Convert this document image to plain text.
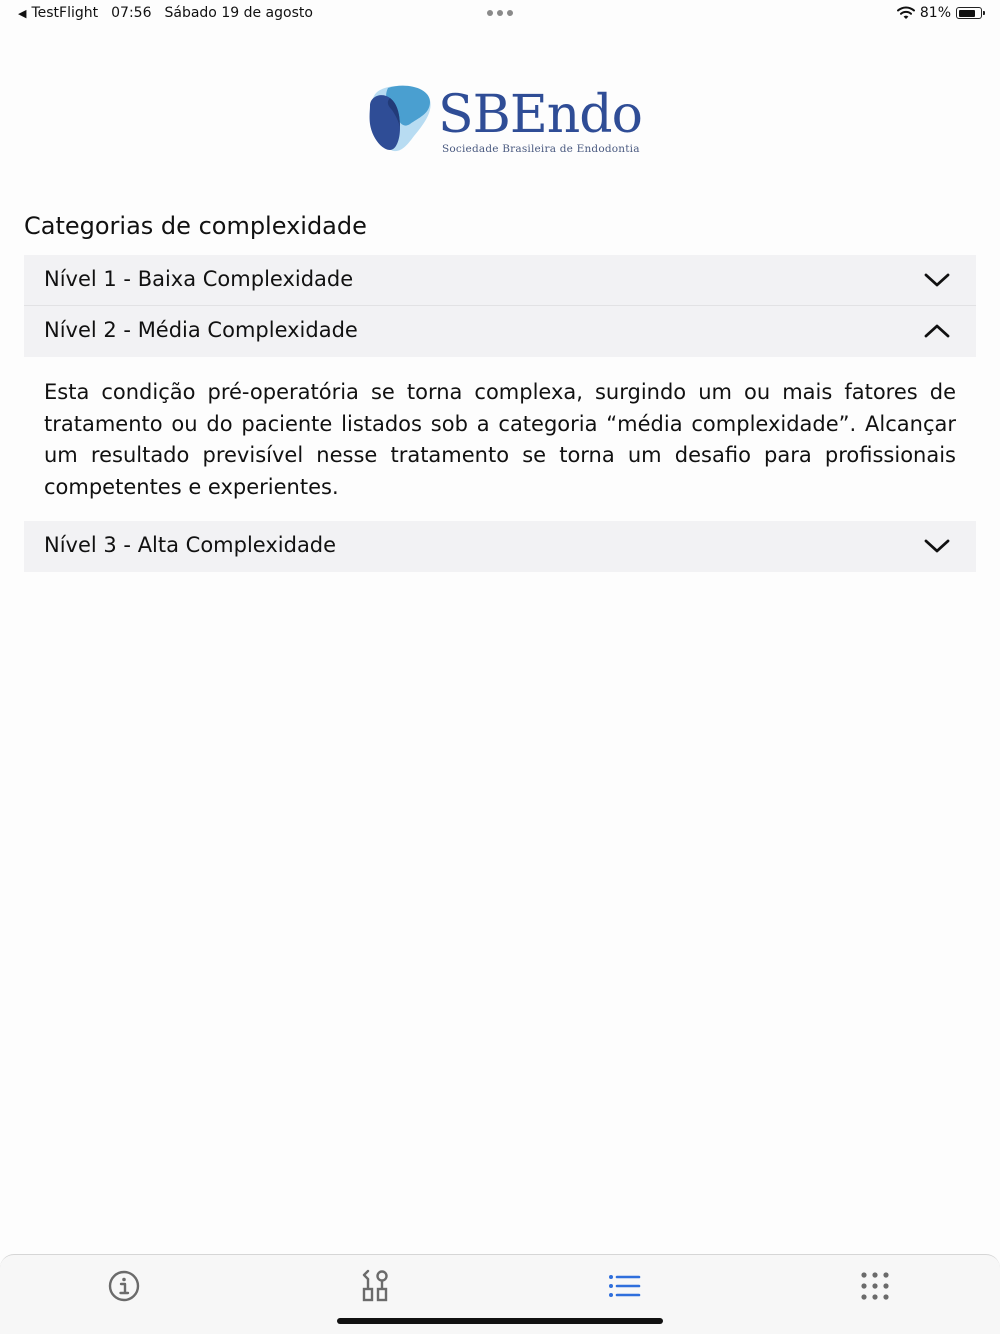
◀ TestFlight 07:56 Sábado 19 de agosto	81%
SBEndo
Sociedade Brasileira de Endodontia
Categorias de complexidade
Nível 1 - Baixa Complexidade
Nível 2 - Média Complexidade
Esta condição pré-operatória se torna complexa, surgindo um ou mais fatores de tratamento ou do paciente listados sob a categoria “média complexidade”. Alcançar um resultado previsível nesse tratamento se torna um desafio para profissionais competentes e experientes.
Nível 3 - Alta Complexidade
